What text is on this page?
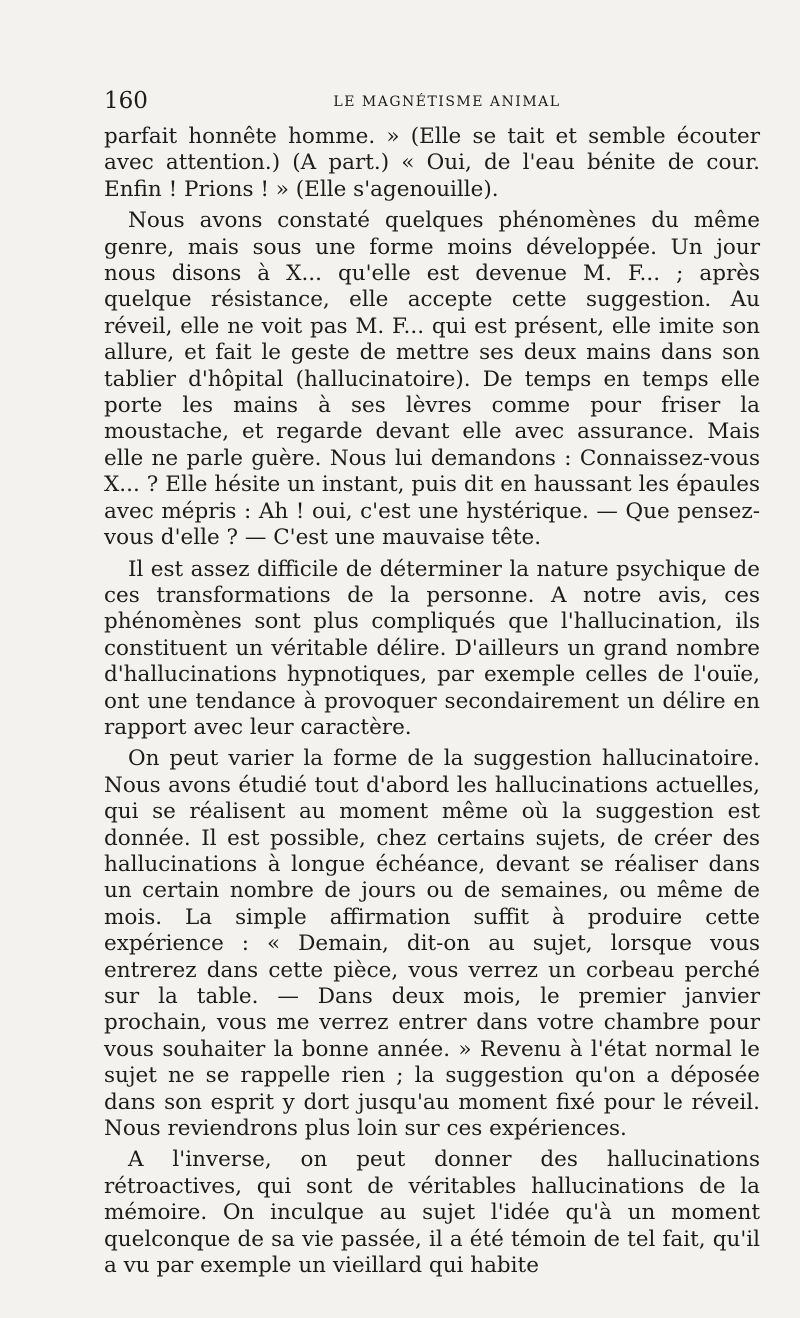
160	LE MAGNÉTISME ANIMAL

parfait honnête homme. » (Elle se tait et semble écouter avec attention.) (A part.) « Oui, de l'eau bénite de cour. Enfin ! Prions ! » (Elle s'agenouille).

Nous avons constaté quelques phénomènes du même genre, mais sous une forme moins développée. Un jour nous disons à X... qu'elle est devenue M. F... ; après quelque résistance, elle accepte cette suggestion. Au réveil, elle ne voit pas M. F... qui est présent, elle imite son allure, et fait le geste de mettre ses deux mains dans son tablier d'hôpital (hallucinatoire). De temps en temps elle porte les mains à ses lèvres comme pour friser la moustache, et regarde devant elle avec assurance. Mais elle ne parle guère. Nous lui demandons : Connaissez-vous X... ? Elle hésite un instant, puis dit en haussant les épaules avec mépris : Ah ! oui, c'est une hystérique. — Que pensez-vous d'elle ? — C'est une mauvaise tête.

Il est assez difficile de déterminer la nature psychique de ces transformations de la personne. A notre avis, ces phénomènes sont plus compliqués que l'hallucination, ils constituent un véritable délire. D'ailleurs un grand nombre d'hallucinations hypnotiques, par exemple celles de l'ouïe, ont une tendance à provoquer secondairement un délire en rapport avec leur caractère.

On peut varier la forme de la suggestion hallucinatoire. Nous avons étudié tout d'abord les hallucinations actuelles, qui se réalisent au moment même où la suggestion est donnée. Il est possible, chez certains sujets, de créer des hallucinations à longue échéance, devant se réaliser dans un certain nombre de jours ou de semaines, ou même de mois. La simple affirmation suffit à produire cette expérience : « Demain, dit-on au sujet, lorsque vous entrerez dans cette pièce, vous verrez un corbeau perché sur la table. — Dans deux mois, le premier janvier prochain, vous me verrez entrer dans votre chambre pour vous souhaiter la bonne année. » Revenu à l'état normal le sujet ne se rappelle rien ; la suggestion qu'on a déposée dans son esprit y dort jusqu'au moment fixé pour le réveil. Nous reviendrons plus loin sur ces expériences.

A l'inverse, on peut donner des hallucinations rétroactives, qui sont de véritables hallucinations de la mémoire. On inculque au sujet l'idée qu'à un moment quelconque de sa vie passée, il a été témoin de tel fait, qu'il a vu par exemple un vieillard qui habite
